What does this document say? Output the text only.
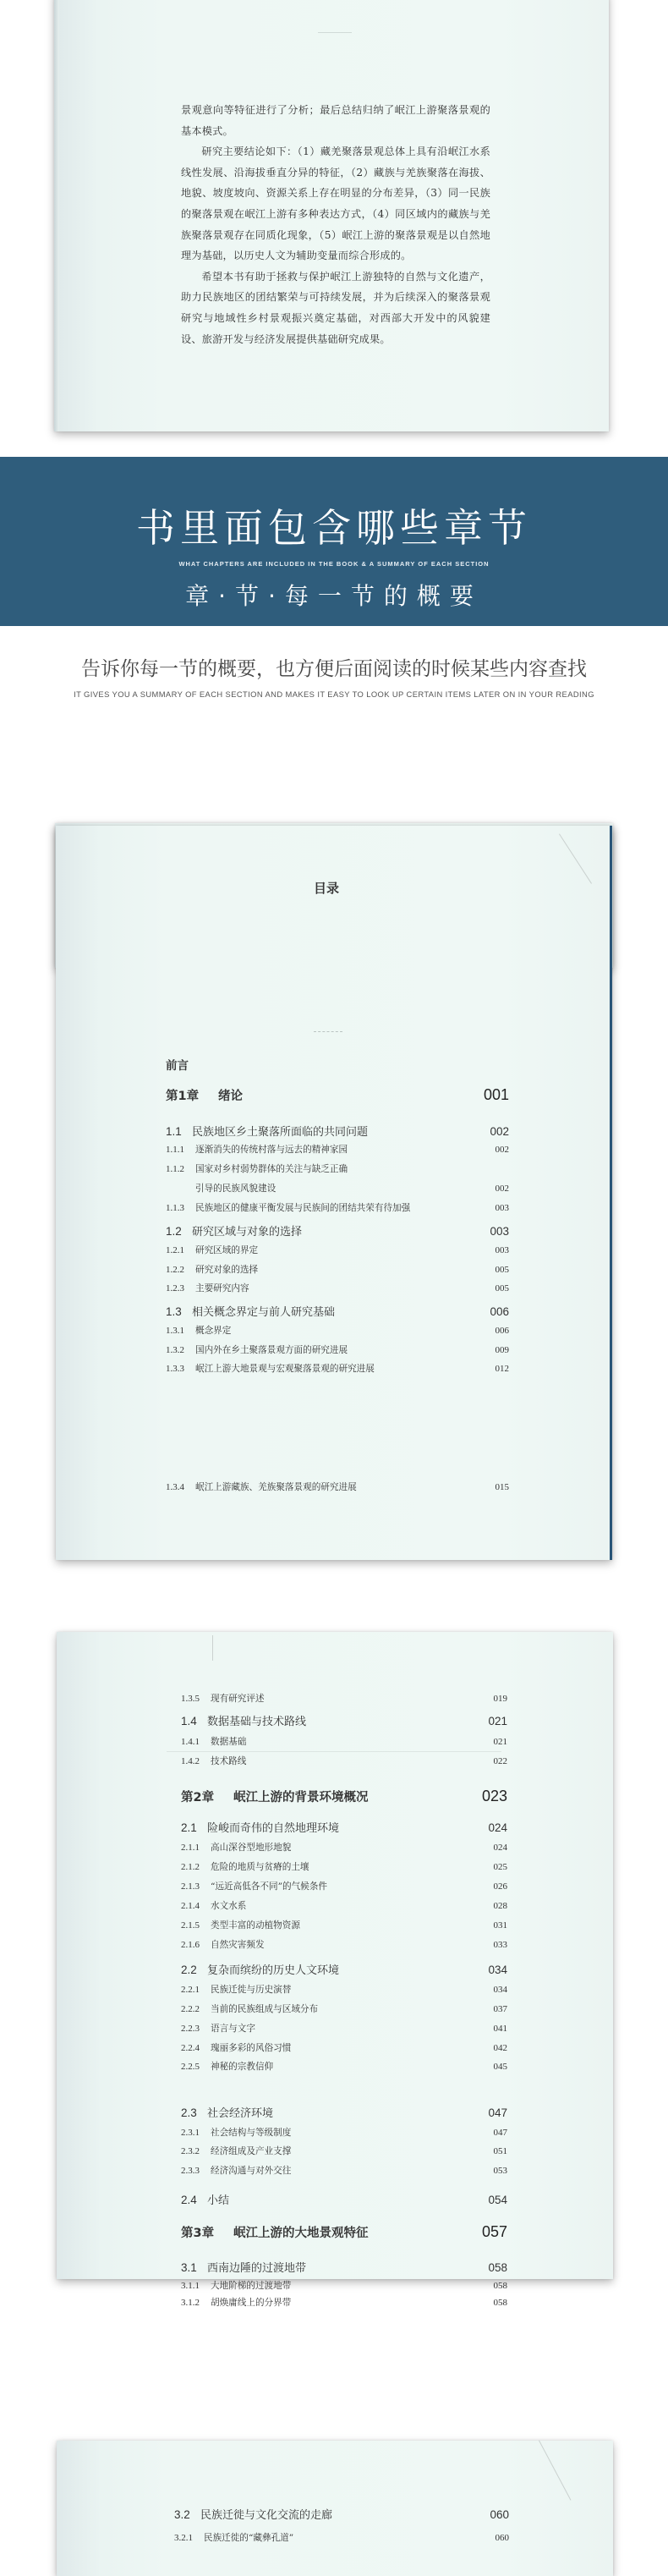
景观意向等特征进行了分析；最后总结归纳了岷江上游聚落景观的基本模式。

研究主要结论如下：（1）藏羌聚落景观总体上具有沿岷江水系线性发展、沿海拔垂直分异的特征，（2）藏族与羌族聚落在海拔、地貌、坡度坡向、资源关系上存在明显的分布差异，（3）同一民族的聚落景观在岷江上游有多种表达方式，（4）同区域内的藏族与羌族聚落景观存在同质化现象，（5）岷江上游的聚落景观是以自然地理为基础，以历史人文为辅助变量而综合形成的。

希望本书有助于拯救与保护岷江上游独特的自然与文化遗产，助力民族地区的团结繁荣与可持续发展，并为后续深入的聚落景观研究与地域性乡村景观振兴奠定基础，对西部大开发中的风貌建设、旅游开发与经济发展提供基础研究成果。

书里面包含哪些章节
WHAT CHAPTERS ARE INCLUDED IN THE BOOK & A SUMMARY OF EACH SECTION
章·节·每一节的概要
告诉你每一节的概要，也方便后面阅读的时候某些内容查找
IT GIVES YOU A SUMMARY OF EACH SECTION AND MAKES IT EASY TO LOOK UP CERTAIN ITEMS LATER ON IN YOUR READING
目录
前言
第1章	绪论	001
1.1 民族地区乡土聚落所面临的共同问题	002
1.1.1	逐渐消失的传统村落与远去的精神家园	002
1.1.2	国家对乡村弱势群体的关注与缺乏正确
引导的民族风貌建设	002
1.1.3	民族地区的健康平衡发展与民族间的团结共荣有待加强	003
1.2 研究区域与对象的选择	003
1.2.1	研究区域的界定	003
1.2.2	研究对象的选择	005
1.2.3	主要研究内容	005
1.3 相关概念界定与前人研究基础	006
1.3.1	概念界定	006
1.3.2	国内外在乡土聚落景观方面的研究进展	009
1.3.3	岷江上游大地景观与宏观聚落景观的研究进展	012
1.3.4	岷江上游藏族、羌族聚落景观的研究进展	015
1.3.5	现有研究评述	019
1.4 数据基础与技术路线	021
1.4.1	数据基础	021
1.4.2	技术路线	022
第2章	岷江上游的背景环境概况	023
2.1 险峻而奇伟的自然地理环境	024
2.1.1	高山深谷型地形地貌	024
2.1.2	危险的地质与贫瘠的土壤	025
2.1.3	“远近高低各不同”的气候条件	026
2.1.4	水文水系	028
2.1.5	类型丰富的动植物资源	031
2.1.6	自然灾害频发	033
2.2 复杂而缤纷的历史人文环境	034
2.2.1	民族迁徙与历史演替	034
2.2.2	当前的民族组成与区域分布	037
2.2.3	语言与文字	041
2.2.4	瑰丽多彩的风俗习惯	042
2.2.5	神秘的宗教信仰	045
2.3 社会经济环境	047
2.3.1	社会结构与等级制度	047
2.3.2	经济组成及产业支撑	051
2.3.3	经济沟通与对外交往	053
2.4 小结	054
第3章	岷江上游的大地景观特征	057
3.1 西南边陲的过渡地带	058
3.1.1	大地阶梯的过渡地带	058
3.1.2	胡焕庸线上的分界带	058
3.2 民族迁徙与文化交流的走廊	060
3.2.1	民族迁徙的“藏彝孔道”	060
